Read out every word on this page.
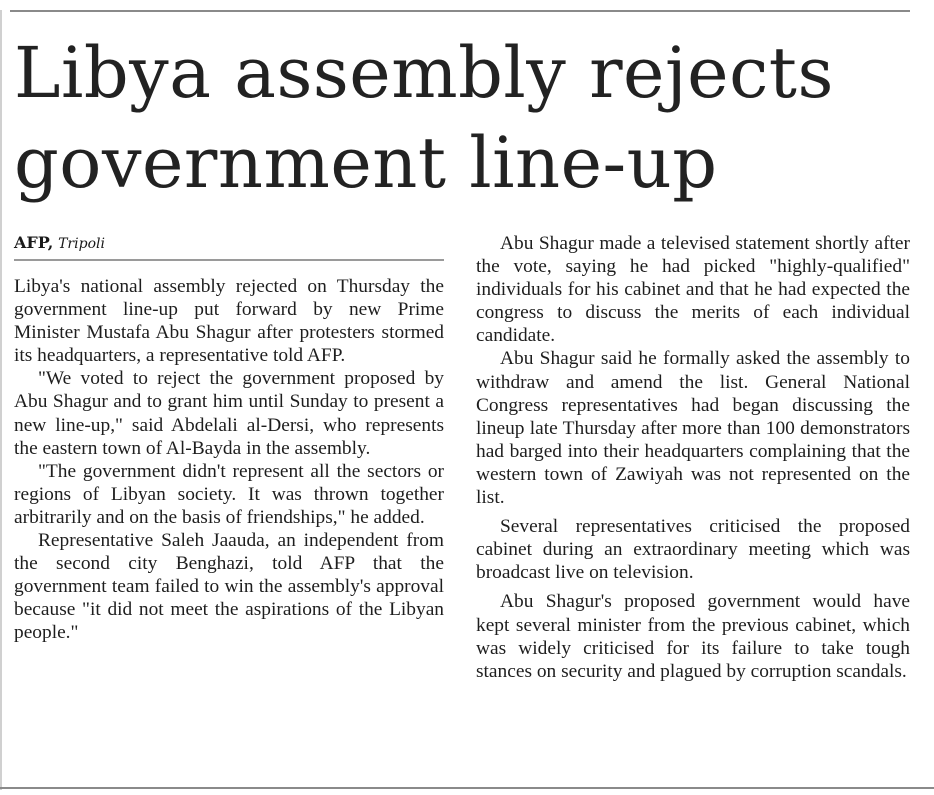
Libya assembly rejects government line-up
AFP, Tripoli

Libya's national assembly rejected on Thursday the government line-up put forward by new Prime Minister Mustafa Abu Shagur after protesters stormed its headquarters, a representative told AFP.

"We voted to reject the government proposed by Abu Shagur and to grant him until Sunday to present a new line-up," said Abdelali al-Dersi, who represents the eastern town of Al-Bayda in the assembly.

"The government didn't represent all the sectors or regions of Libyan society. It was thrown together arbitrarily and on the basis of friendships," he added.

Representative Saleh Jaauda, an independent from the second city Benghazi, told AFP that the government team failed to win the assembly's approval because "it did not meet the aspirations of the Libyan people."

Abu Shagur made a televised statement shortly after the vote, saying he had picked "highly-qualified" individuals for his cabinet and that he had expected the congress to discuss the merits of each individual candidate.

Abu Shagur said he formally asked the assembly to withdraw and amend the list. General National Congress representatives had began discussing the lineup late Thursday after more than 100 demonstrators had barged into their headquarters complaining that the western town of Zawiyah was not represented on the list.

Several representatives criticised the proposed cabinet during an extraordinary meeting which was broadcast live on television.

Abu Shagur's proposed government would have kept several minister from the previous cabinet, which was widely criticised for its failure to take tough stances on security and plagued by corruption scandals.
